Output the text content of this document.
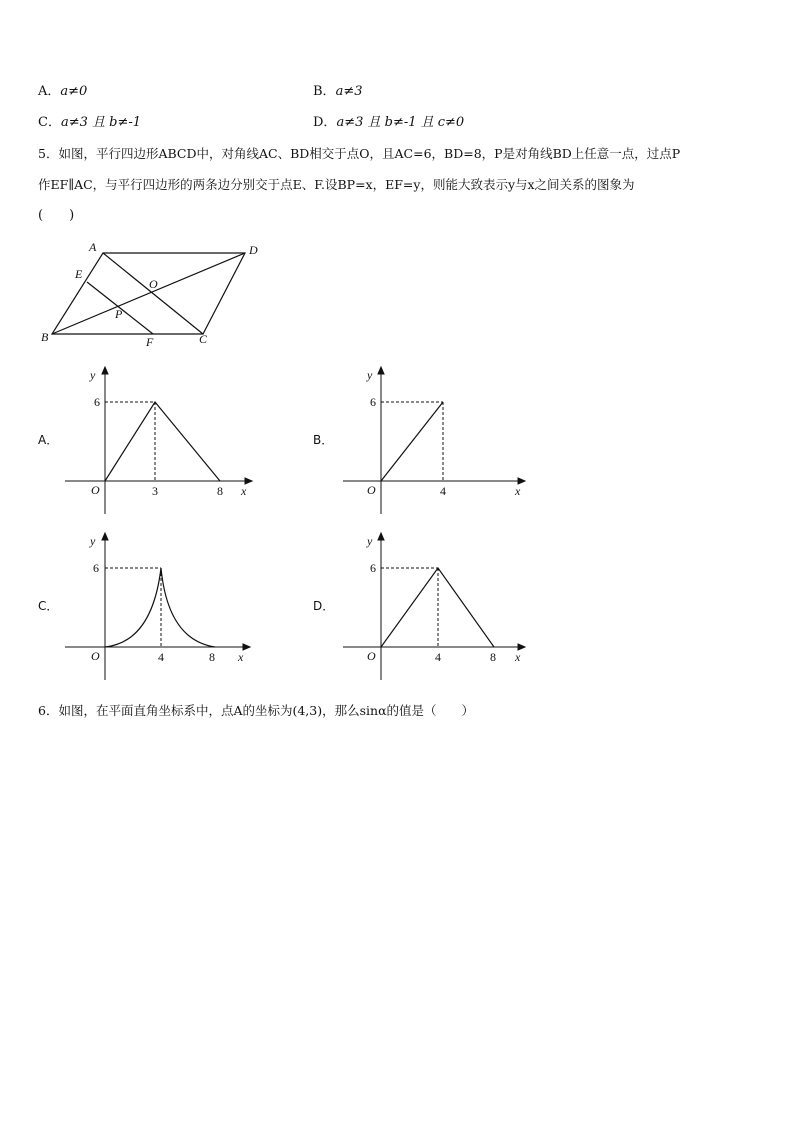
A．a≠0	B．a≠3
C．a≠3 且 b≠-1	D．a≠3 且 b≠-1 且 c≠0
5．如图，平行四边形ABCD中，对角线AC、BD相交于点O，且AC=6，BD=8，P是对角线BD上任意一点，过点P
作EF∥AC，与平行四边形的两条边分别交于点E、F.设BP=x，EF=y，则能大致表示y与x之间关系的图象为
(　　)
A	D
C
B
E
F
O
P
A．
y
6
O	3	8 x
B．
y
6
O	4	x
C．
y
6
O	4	8 x
D．
y
6
O	4	8 x
6．如图，在平面直角坐标系中，点A的坐标为(4,3)，那么sinα的值是（　　）
